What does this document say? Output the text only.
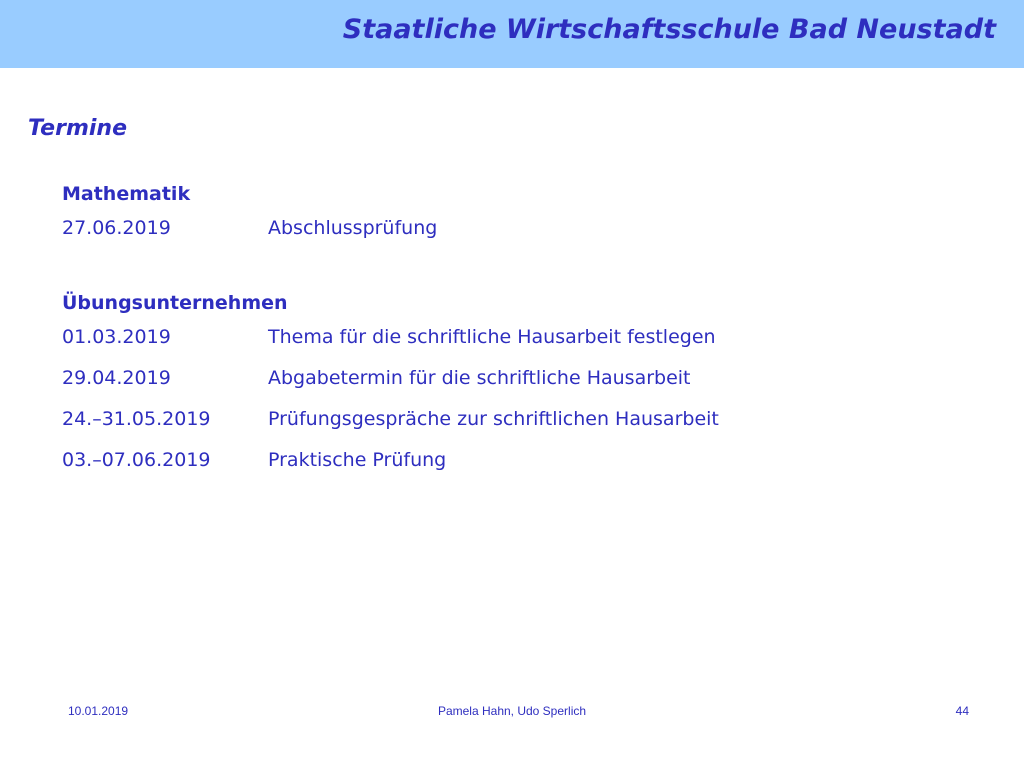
Staatliche Wirtschaftsschule Bad Neustadt
Termine
Mathematik
27.06.2019	Abschlussprüfung
Übungsunternehmen
01.03.2019	Thema für die schriftliche Hausarbeit festlegen
29.04.2019	Abgabetermin für die schriftliche Hausarbeit
24.–31.05.2019	Prüfungsgespräche zur schriftlichen Hausarbeit
03.–07.06.2019	Praktische Prüfung
10.01.2019	Pamela Hahn, Udo Sperlich	44
